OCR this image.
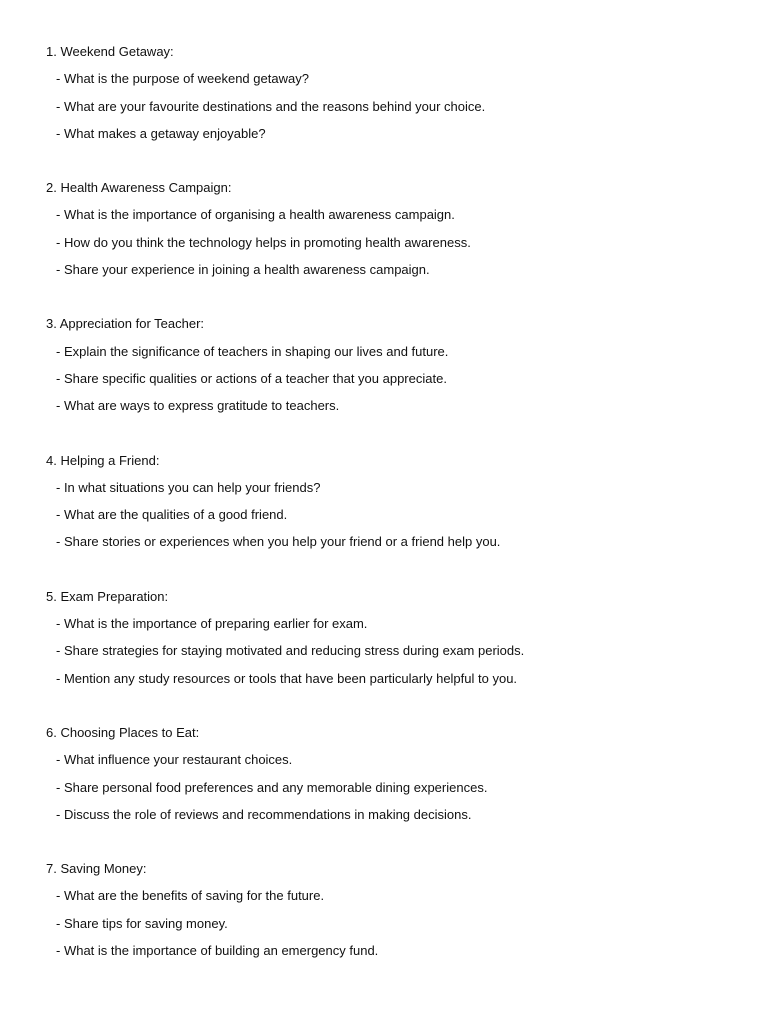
1. Weekend Getaway:
- What is the purpose of weekend getaway?
- What are your favourite destinations and the reasons behind your choice.
- What makes a getaway enjoyable?
2. Health Awareness Campaign:
- What is the importance of organising a health awareness campaign.
- How do you think the technology helps in promoting health awareness.
- Share your experience in joining a health awareness campaign.
3. Appreciation for Teacher:
- Explain the significance of teachers in shaping our lives and future.
- Share specific qualities or actions of a teacher that you appreciate.
- What are ways to express gratitude to teachers.
4. Helping a Friend:
- In what situations you can help your friends?
- What are the qualities of a good friend.
- Share stories or experiences when you help your friend or a friend help you.
5. Exam Preparation:
- What is the importance of preparing earlier for exam.
- Share strategies for staying motivated and reducing stress during exam periods.
- Mention any study resources or tools that have been particularly helpful to you.
6. Choosing Places to Eat:
- What influence your restaurant choices.
- Share personal food preferences and any memorable dining experiences.
- Discuss the role of reviews and recommendations in making decisions.
7. Saving Money:
- What are the benefits of saving for the future.
- Share tips for saving money.
- What is the importance of building an emergency fund.
